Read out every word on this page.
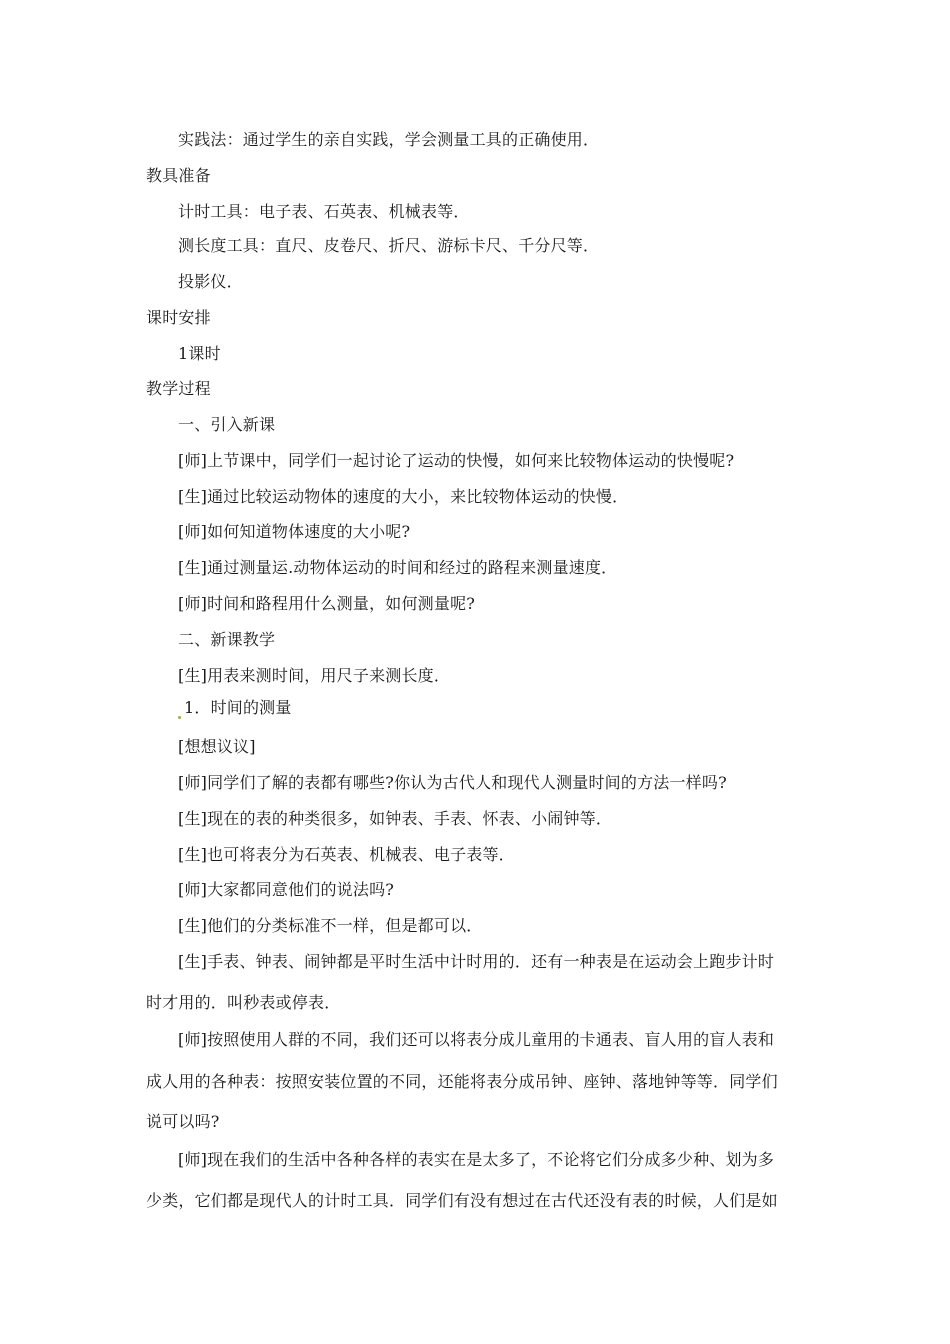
实践法：通过学生的亲自实践，学会测量工具的正确使用．
教具准备
计时工具：电子表、石英表、机械表等．
测长度工具：直尺、皮卷尺、折尺、游标卡尺、千分尺等．
投影仪．
课时安排
1课时
教学过程
一、引入新课
[师]上节课中，同学们一起讨论了运动的快慢，如何来比较物体运动的快慢呢?
[生]通过比较运动物体的速度的大小，来比较物体运动的快慢．
[师]如何知道物体速度的大小呢?
[生]通过测量运.动物体运动的时间和经过的路程来测量速度．
[师]时间和路程用什么测量，如何测量呢?
二、新课教学
[生]用表来测时间，用尺子来测长度．
1．时间的测量
[想想议议]
[师]同学们了解的表都有哪些?你认为古代人和现代人测量时间的方法一样吗?
[生]现在的表的种类很多，如钟表、手表、怀表、小闹钟等．
[生]也可将表分为石英表、机械表、电子表等．
[师]大家都同意他们的说法吗?
[生]他们的分类标准不一样，但是都可以．
[生]手表、钟表、闹钟都是平时生活中计时用的．还有一种表是在运动会上跑步计时
时才用的．叫秒表或停表．
[师]按照使用人群的不同，我们还可以将表分成儿童用的卡通表、盲人用的盲人表和
成人用的各种表：按照安装位置的不同，还能将表分成吊钟、座钟、落地钟等等．同学们
说可以吗?
[师]现在我们的生活中各种各样的表实在是太多了，不论将它们分成多少种、划为多
少类，它们都是现代人的计时工具．同学们有没有想过在古代还没有表的时候，人们是如
